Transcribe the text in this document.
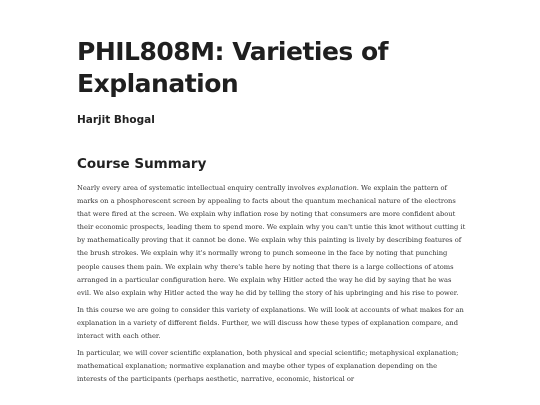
PHIL808M: Varieties of Explanation
Harjit Bhogal
Course Summary

Nearly every area of systematic intellectual enquiry centrally involves explanation. We explain the pattern of marks on a phosphorescent screen by appealing to facts about the quantum mechanical nature of the electrons that were fired at the screen. We explain why inflation rose by noting that consumers are more confident about their economic prospects, leading them to spend more. We explain why you can't untie this knot without cutting it by mathematically proving that it cannot be done. We explain why this painting is lively by describing features of the brush strokes. We explain why it's normally wrong to punch someone in the face by noting that punching people causes them pain. We explain why there's table here by noting that there is a large collections of atoms arranged in a particular configuration here. We explain why Hitler acted the way he did by saying that he was evil. We also explain why Hitler acted the way he did by telling the story of his upbringing and his rise to power.

In this course we are going to consider this variety of explanations. We will look at accounts of what makes for an explanation in a variety of different fields. Further, we will discuss how these types of explanation compare, and interact with each other.

In particular, we will cover scientific explanation, both physical and special scientific; metaphysical explanation; mathematical explanation; normative explanation and maybe other types of explanation depending on the interests of the participants (perhaps aesthetic, narrative, economic, historical or
